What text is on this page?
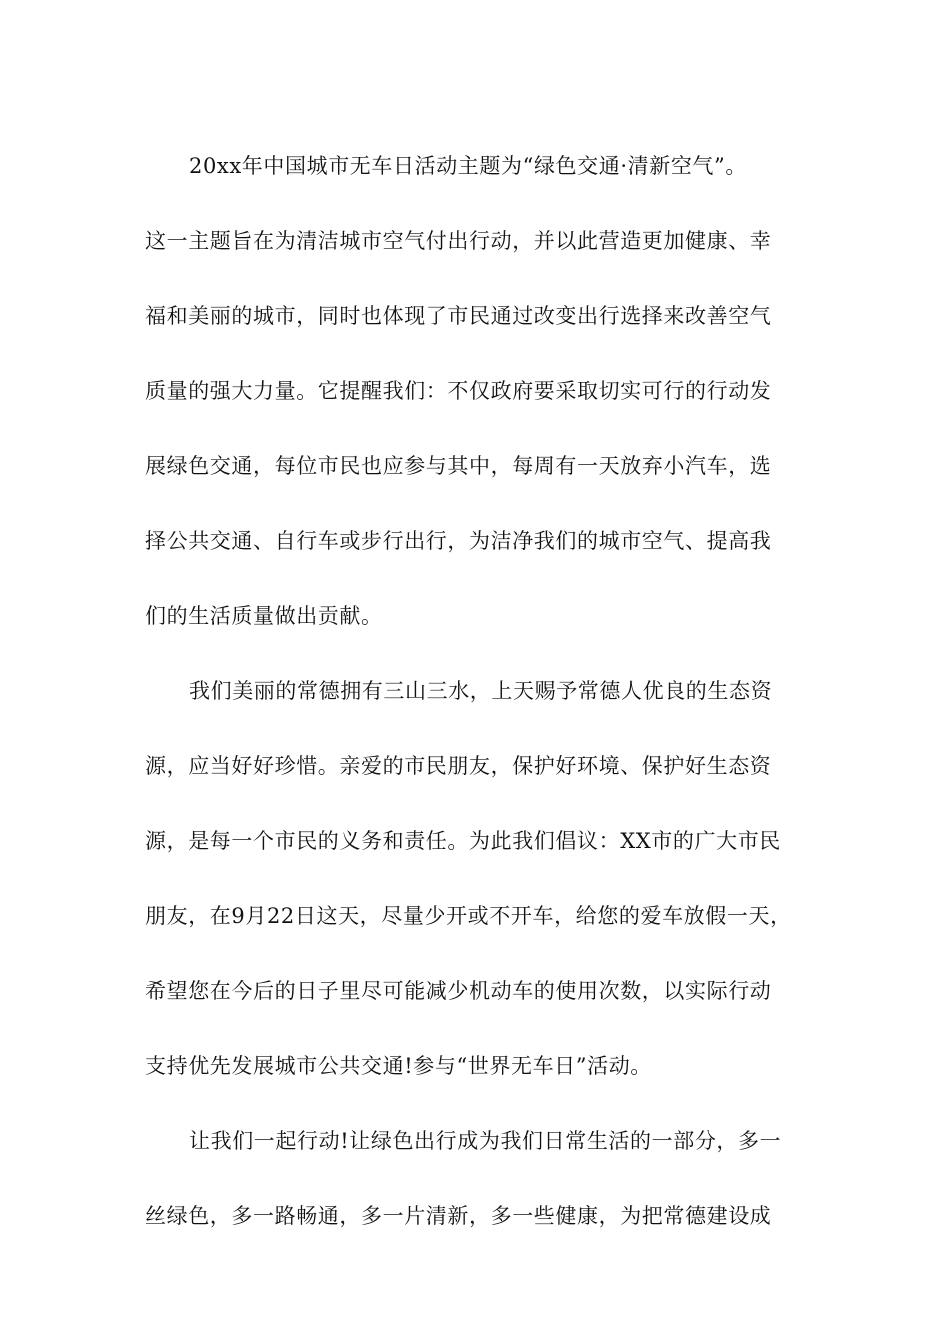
20xx年中国城市无车日活动主题为“绿色交通·清新空气”。
这一主题旨在为清洁城市空气付出行动，并以此营造更加健康、幸
福和美丽的城市，同时也体现了市民通过改变出行选择来改善空气
质量的强大力量。它提醒我们：不仅政府要采取切实可行的行动发
展绿色交通，每位市民也应参与其中，每周有一天放弃小汽车，选
择公共交通、自行车或步行出行，为洁净我们的城市空气、提高我
们的生活质量做出贡献。
我们美丽的常德拥有三山三水，上天赐予常德人优良的生态资
源，应当好好珍惜。亲爱的市民朋友，保护好环境、保护好生态资
源，是每一个市民的义务和责任。为此我们倡议：XX市的广大市民
朋友，在9月22日这天，尽量少开或不开车，给您的爱车放假一天，
希望您在今后的日子里尽可能减少机动车的使用次数，以实际行动
支持优先发展城市公共交通!参与“世界无车日”活动。
让我们一起行动!让绿色出行成为我们日常生活的一部分，多一
丝绿色，多一路畅通，多一片清新，多一些健康，为把常德建设成
